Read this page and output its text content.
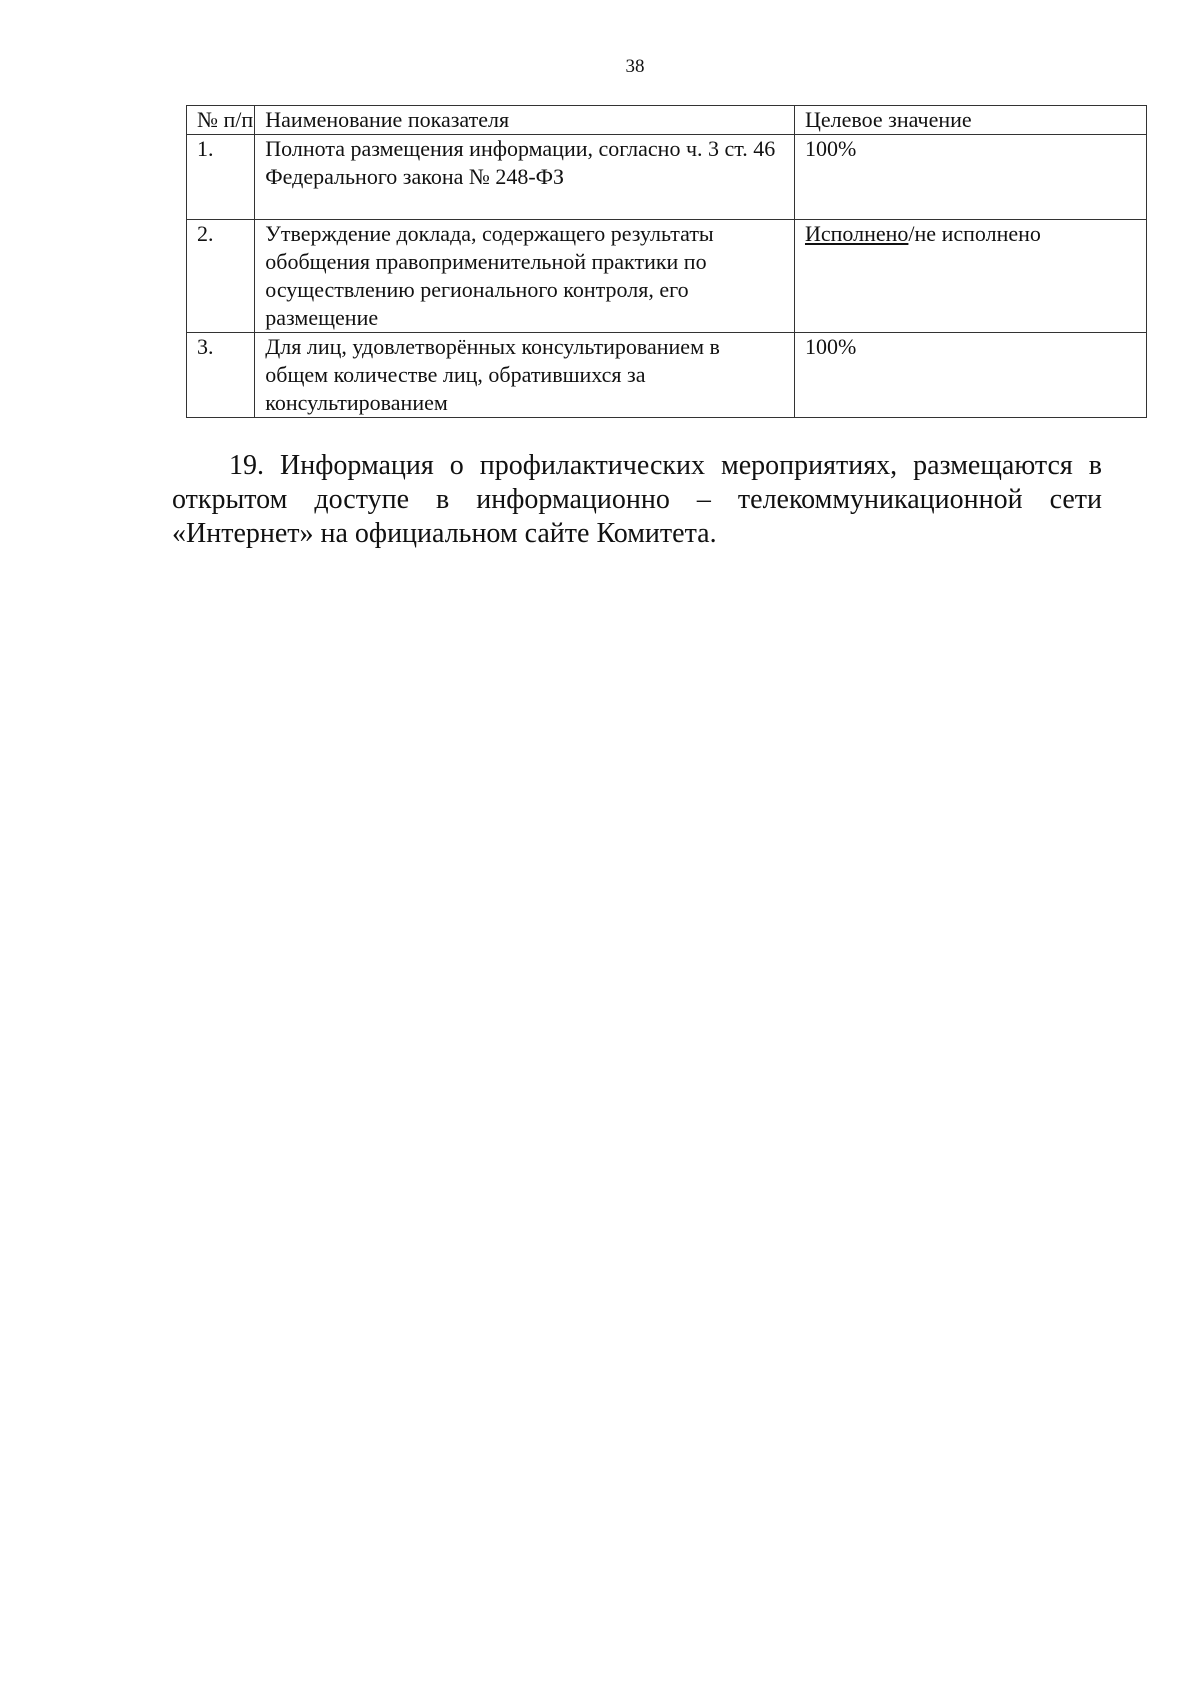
38
№ п/п	Наименование показателя	Целевое значение
1.	Полнота размещения информации, согласно ч. 3 ст. 46 Федерального закона № 248-ФЗ	100%
2.	Утверждение доклада, содержащего результаты обобщения правоприменительной практики по осуществлению регионального контроля, его размещение	Исполнено/не исполнено
3.	Для лиц, удовлетворённых консультированием в общем количестве лиц, обратившихся за консультированием	100%

19. Информация о профилактических мероприятиях, размещаются в открытом доступе в информационно – телекоммуникационной сети «Интернет» на официальном сайте Комитета.
